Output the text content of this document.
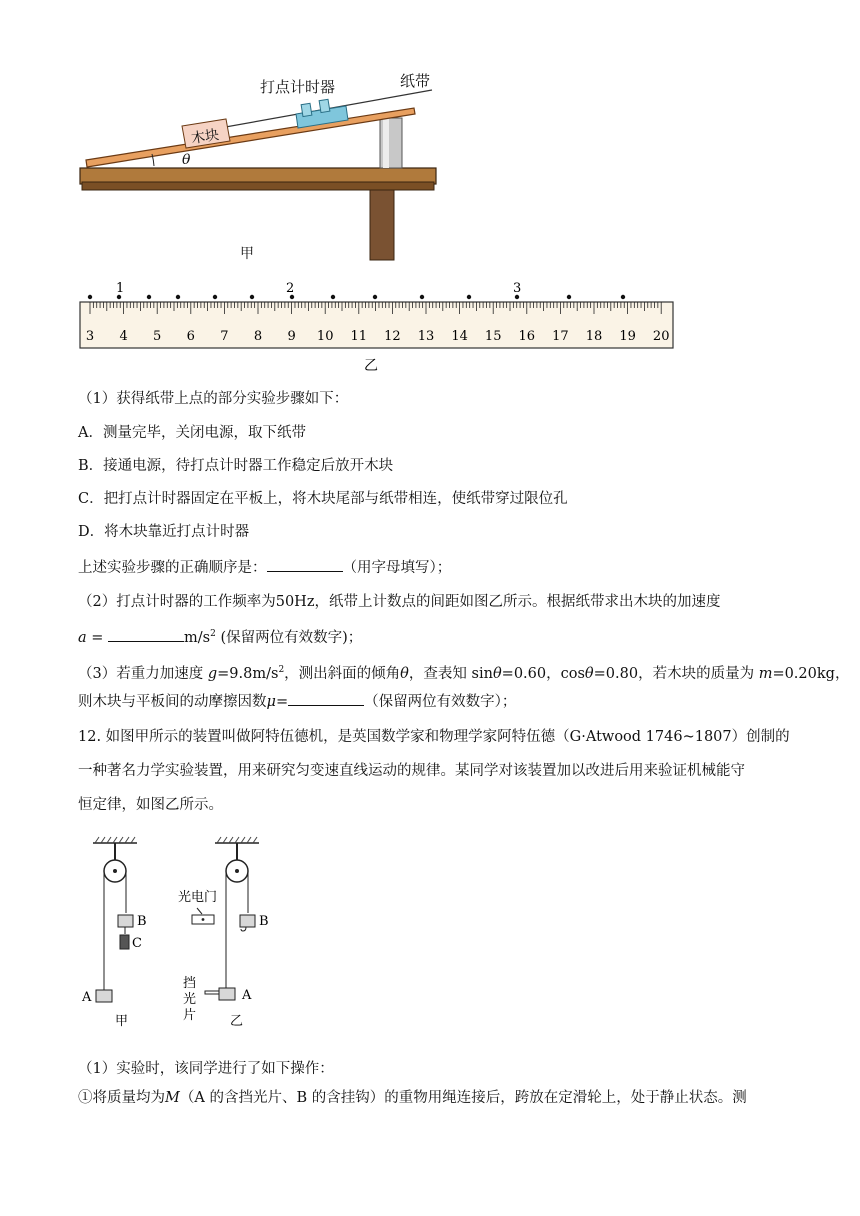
打点计时器	纸带
木块
θ
甲
3 4 5 6 7 8 9 10 11 12 13 14 15 16 17 18 19 20
1	2	3
乙
（1）获得纸带上点的部分实验步骤如下：
A．测量完毕，关闭电源，取下纸带
B．接通电源，待打点计时器工作稳定后放开木块
C．把打点计时器固定在平板上，将木块尾部与纸带相连，使纸带穿过限位孔
D．将木块靠近打点计时器
上述实验步骤的正确顺序是：	（用字母填写）；
（2）打点计时器的工作频率为50Hz，纸带上计数点的间距如图乙所示。根据纸带求出木块的加速度
a =	$m/s^2$ (保留两位有效数字)；
（3）若重力加速度 $g=9.8m/s^2$，测出斜面的倾角θ，查表知 sinθ=0.60，cosθ=0.80，若木块的质量为 m=0.20kg，
则木块与平板间的动摩擦因数μ=	（保留两位有效数字）；
12. 如图甲所示的装置叫做阿特伍德机，是英国数学家和物理学家阿特伍德（G·Atwood 1746~1807）创制的
一种著名力学实验装置，用来研究匀变速直线运动的规律。某同学对该装置加以改进后用来验证机械能守
恒定律，如图乙所示。
B
C
A
甲
光电门
B
A
挡
光
片	乙
（1）实验时，该同学进行了如下操作：
①将质量均为M（A 的含挡光片、B 的含挂钩）的重物用绳连接后，跨放在定滑轮上，处于静止状态。测
